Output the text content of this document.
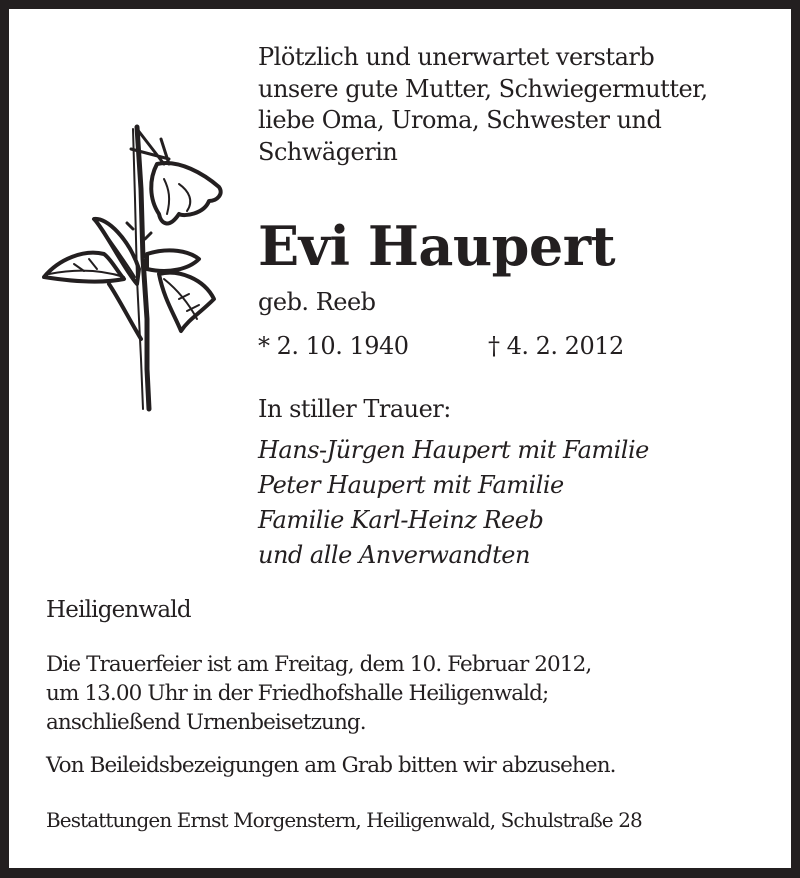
Plötzlich und unerwartet verstarb
unsere gute Mutter, Schwiegermutter,
liebe Oma, Uroma, Schwester und
Schwägerin
Evi Haupert
geb. Reeb
* 2. 10. 1940	† 4. 2. 2012
In stiller Trauer:
Hans-Jürgen Haupert mit Familie
Peter Haupert mit Familie
Familie Karl-Heinz Reeb
und alle Anverwandten
Heiligenwald
Die Trauerfeier ist am Freitag, dem 10. Februar 2012,
um 13.00 Uhr in der Friedhofshalle Heiligenwald;
anschließend Urnenbeisetzung.
Von Beileidsbezeigungen am Grab bitten wir abzusehen.
Bestattungen Ernst Morgenstern, Heiligenwald, Schulstraße 28
